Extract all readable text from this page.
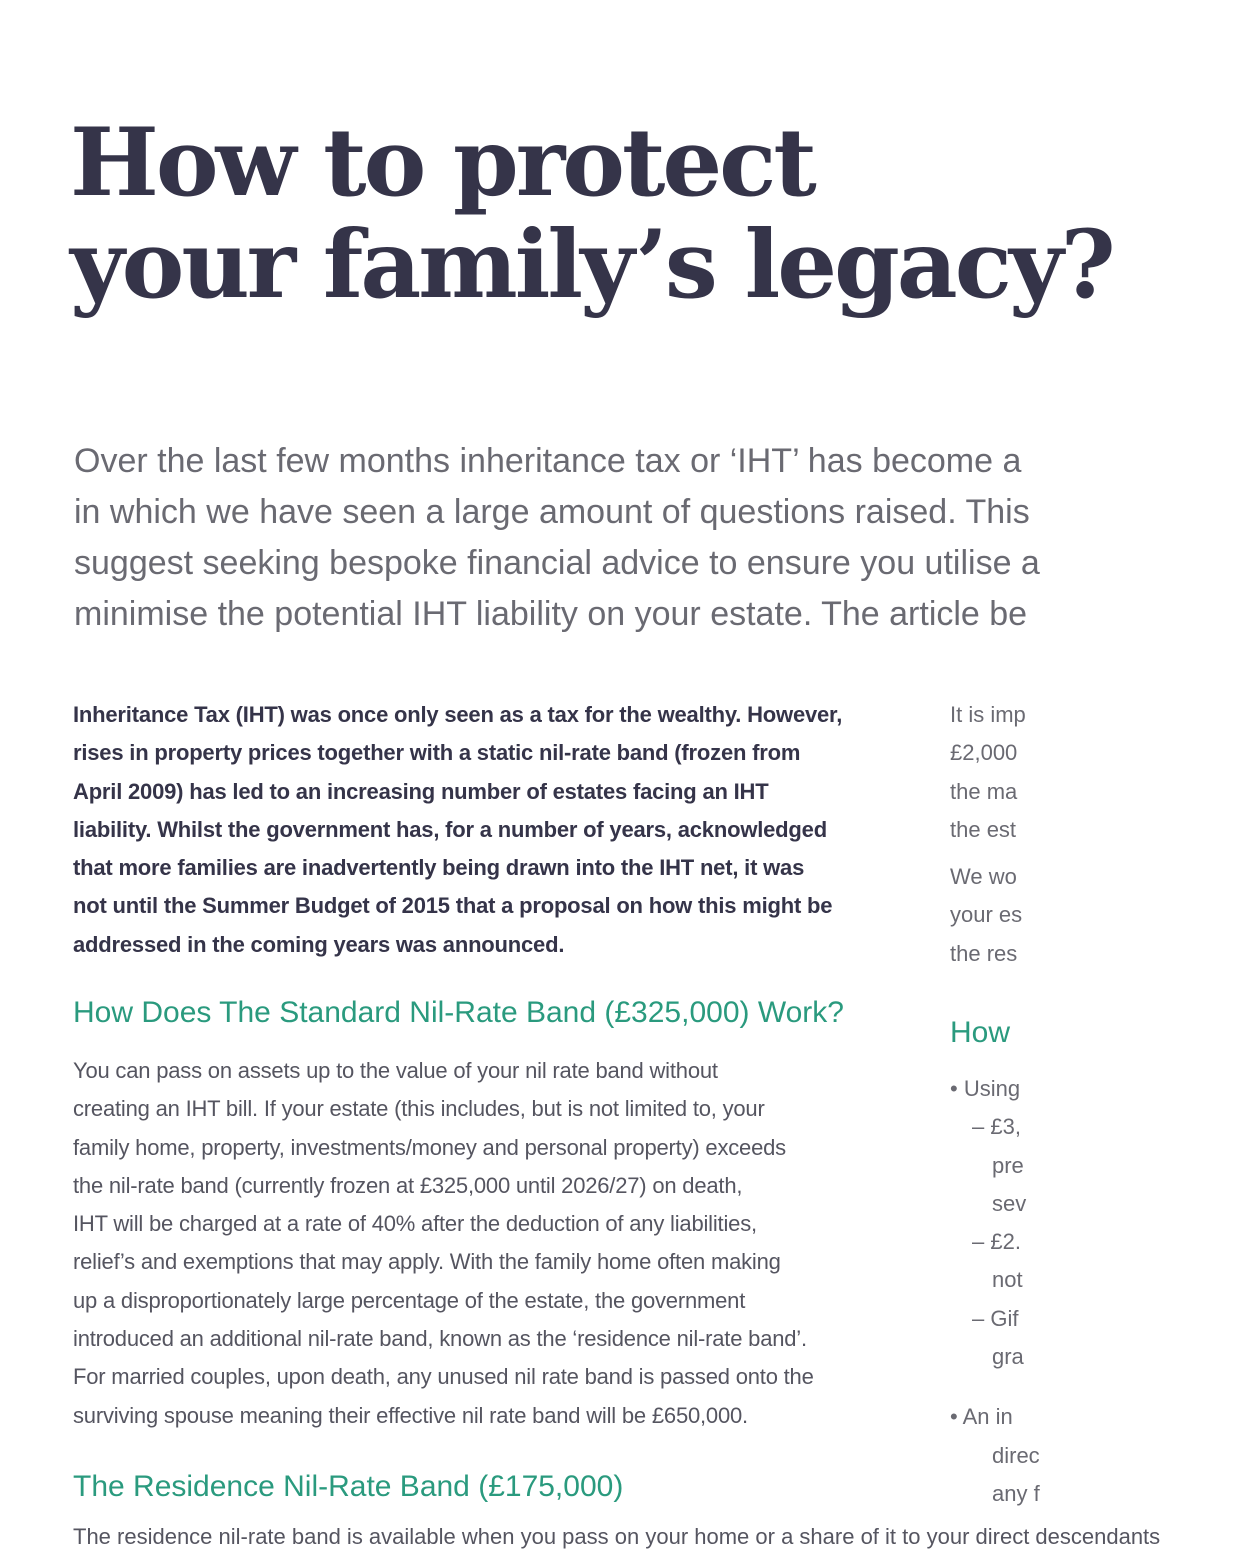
How to protect
your family’s legacy?
Over the last few months inheritance tax or ‘IHT’ has become a
in which we have seen a large amount of questions raised. This
suggest seeking bespoke financial advice to ensure you utilise a
minimise the potential IHT liability on your estate. The article be
Inheritance Tax (IHT) was once only seen as a tax for the wealthy. However,
rises in property prices together with a static nil-rate band (frozen from
April 2009) has led to an increasing number of estates facing an IHT
liability. Whilst the government has, for a number of years, acknowledged
that more families are inadvertently being drawn into the IHT net, it was
not until the Summer Budget of 2015 that a proposal on how this might be
addressed in the coming years was announced.
How Does The Standard Nil-Rate Band (£325,000) Work?
You can pass on assets up to the value of your nil rate band without
creating an IHT bill. If your estate (this includes, but is not limited to, your
family home, property, investments/money and personal property) exceeds
the nil-rate band (currently frozen at £325,000 until 2026/27) on death,
IHT will be charged at a rate of 40% after the deduction of any liabilities,
relief’s and exemptions that may apply. With the family home often making
up a disproportionately large percentage of the estate, the government
introduced an additional nil-rate band, known as the ‘residence nil-rate band’.
For married couples, upon death, any unused nil rate band is passed onto the
surviving spouse meaning their effective nil rate band will be £650,000.
The Residence Nil-Rate Band (£175,000)
The residence nil-rate band is available when you pass on your home or a share of it to your direct descendants
It is imp
£2,000
the ma
the est
We wo
your es
the res
How
• Using
– £3,
pre
sev
– £2.
not
– Gif
gra
• An in
direc
any f
